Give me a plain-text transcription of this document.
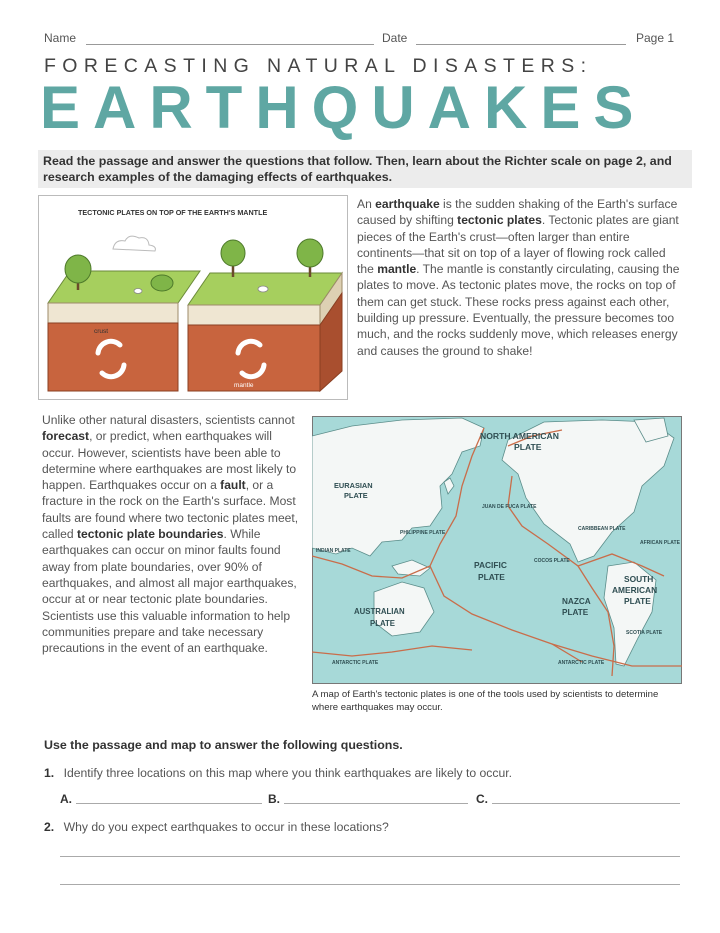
Name	Date	Page 1
FORECASTING NATURAL DISASTERS:
EARTHQUAKES
Read the passage and answer the questions that follow. Then, learn about the Richter scale on page 2, and research examples of the damaging effects of earthquakes.
TECTONIC PLATES ON TOP OF THE EARTH'S MANTLE
crust
mantle
An earthquake is the sudden shaking of the Earth's surface caused by shifting tectonic plates. Tectonic plates are giant pieces of the Earth's crust—often larger than entire continents—that sit on top of a layer of flowing rock called the mantle. The mantle is constantly circulating, causing the plates to move. As tectonic plates move, the rocks on top of them can get stuck. These rocks press against each other, building up pressure. Eventually, the pressure becomes too much, and the rocks suddenly move, which releases energy and causes the ground to shake!
Unlike other natural disasters, scientists cannot forecast, or predict, when earthquakes will occur. However, scientists have been able to determine where earthquakes are most likely to happen. Earthquakes occur on a fault, or a fracture in the rock on the Earth's surface. Most faults are found where two tectonic plates meet, called tectonic plate boundaries. While earthquakes can occur on minor faults found away from plate boundaries, over 90% of earthquakes, and almost all major earthquakes, occur at or near tectonic plate boundaries. Scientists use this valuable information to help communities prepare and take necessary precautions in the event of an earthquake.
NORTH AMERICAN
PLATE
EURASIAN
PLATE
PACIFIC
PLATE
AUSTRALIAN
PLATE
SOUTH
AMERICAN
PLATE
NAZCA
PLATE
PHILIPPINE PLATE
JUAN DE FUCA PLATE
CARIBBEAN PLATE
COCOS PLATE
INDIAN PLATE
AFRICAN PLATE
SCOTIA PLATE
ANTARCTIC PLATE	ANTARCTIC PLATE
A map of Earth's tectonic plates is one of the tools used by scientists to determine where earthquakes may occur.
Use the passage and map to answer the following questions.
1. Identify three locations on this map where you think earthquakes are likely to occur.
A.	B.	C.
2. Why do you expect earthquakes to occur in these locations?
